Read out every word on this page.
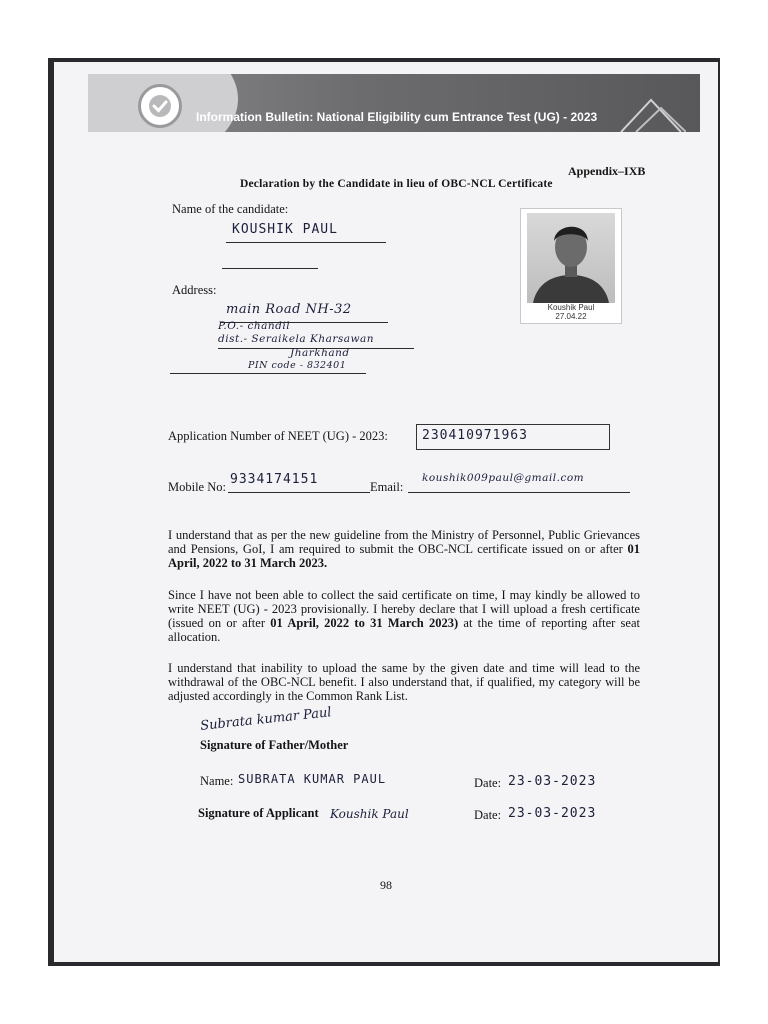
Information Bulletin: National Eligibility cum Entrance Test (UG) - 2023
Appendix–IXB
Declaration by the Candidate in lieu of OBC-NCL Certificate
Name of the candidate:
KOUSHIK PAUL
Koushik Paul
27.04.22
Address:
main Road NH-32
P.O.- chandil
dist.- Seraikela Kharsawan
Jharkhand
PIN code - 832401
Application Number of NEET (UG) - 2023:	230410971963
Mobile No: 9334174151	Email:
koushik009paul@gmail.com
I understand that as per the new guideline from the Ministry of Personnel, Public Grievances and Pensions, GoI, I am required to submit the OBC-NCL certificate issued on or after 01 April, 2022 to 31 March 2023.
Since I have not been able to collect the said certificate on time, I may kindly be allowed to write NEET (UG) - 2023 provisionally. I hereby declare that I will upload a fresh certificate (issued on or after 01 April, 2022 to 31 March 2023) at the time of reporting after seat allocation.
I understand that inability to upload the same by the given date and time will lead to the withdrawal of the OBC-NCL benefit. I also understand that, if qualified, my category will be adjusted accordingly in the Common Rank List.
Subrata kumar Paul
Signature of Father/Mother
Name: SUBRATA KUMAR PAUL	Date: 23-03-2023
Signature of Applicant Koushik Paul	Date: 23-03-2023
98
